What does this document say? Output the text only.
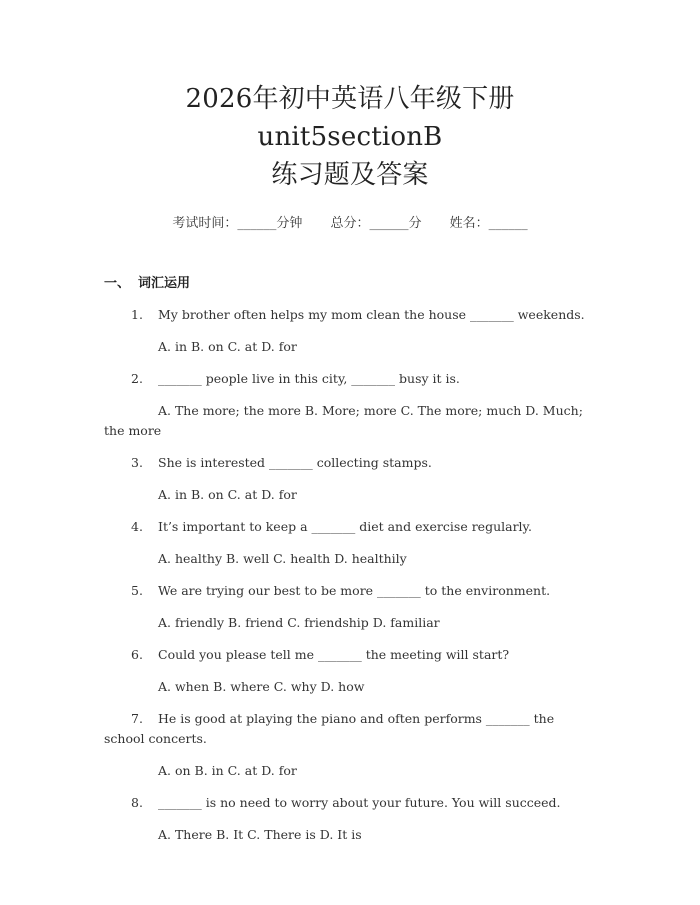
2026年初中英语八年级下册unit5sectionB
练习题及答案
考试时间：______分钟 总分：______分 姓名：______
一、 词汇运用

1. My brother often helps my mom clean the house _______ weekends.

A. in B. on C. at D. for

2. _______ people live in this city, _______ busy it is.

A. The more; the more B. More; more C. The more; much D. Much; the more

3. She is interested _______ collecting stamps.

A. in B. on C. at D. for

4. It’s important to keep a _______ diet and exercise regularly.

A. healthy B. well C. health D. healthily

5. We are trying our best to be more _______ to the environment.

A. friendly B. friend C. friendship D. familiar

6. Could you please tell me _______ the meeting will start?

A. when B. where C. why D. how

7. He is good at playing the piano and often performs _______ the school concerts.

A. on B. in C. at D. for

8. _______ is no need to worry about your future. You will succeed.

A. There B. It C. There is D. It is
